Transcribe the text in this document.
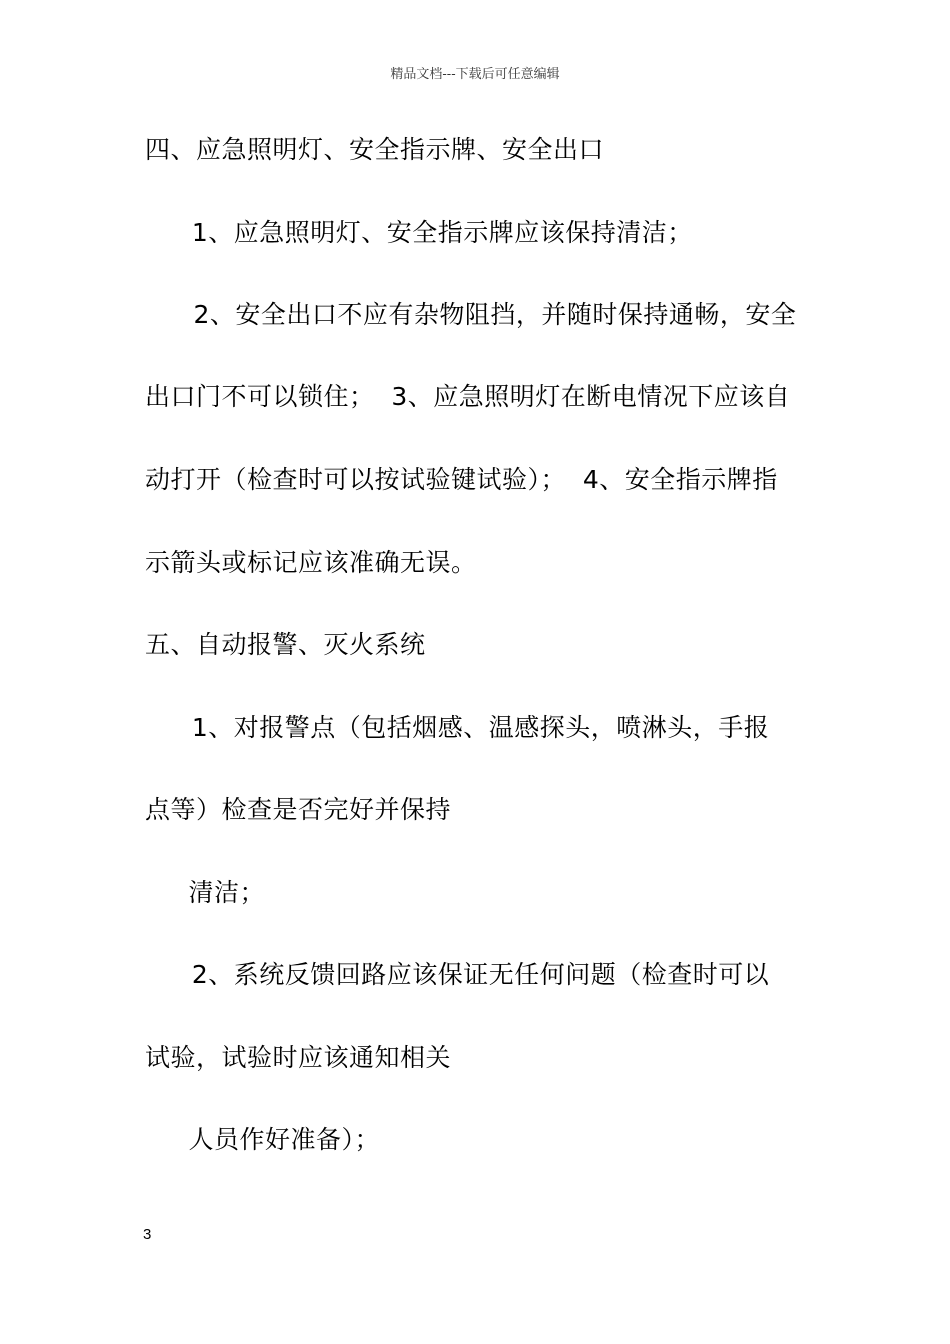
精品文档---下载后可任意编辑
四、应急照明灯、安全指示牌、安全出口
1、应急照明灯、安全指示牌应该保持清洁；
2、安全出口不应有杂物阻挡，并随时保持通畅，安全
出口门不可以锁住；  3、应急照明灯在断电情况下应该自
动打开（检查时可以按试验键试验）；  4、安全指示牌指
示箭头或标记应该准确无误。
五、自动报警、灭火系统
1、对报警点（包括烟感、温感探头，喷淋头，手报
点等）检查是否完好并保持
清洁；
2、系统反馈回路应该保证无任何问题（检查时可以
试验，试验时应该通知相关
人员作好准备）；
3
